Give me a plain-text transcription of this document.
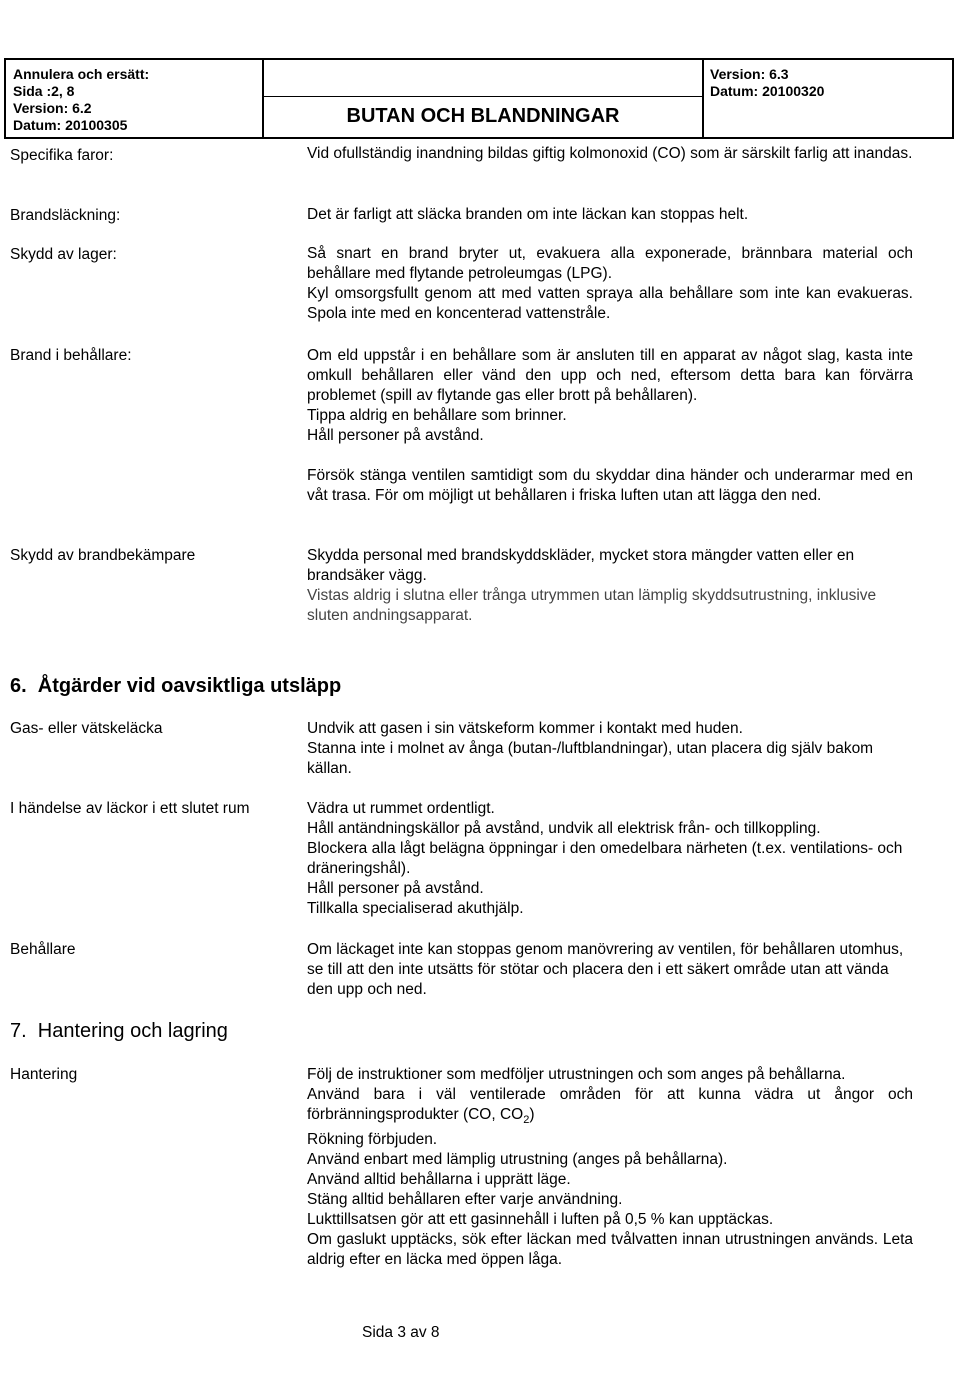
Annulera och ersätt:
Sida :2, 8
Version: 6.2
Datum: 20100305	BUTAN OCH BLANDNINGAR
Version: 6.3
Datum: 20100320
Specifika faror:	Vid ofullständig inandning bildas giftig kolmonoxid (CO) som är särskilt farlig att inandas.
Brandsläckning:	Det är farligt att släcka branden om inte läckan kan stoppas helt.
Skydd av lager:	Så snart en brand bryter ut, evakuera alla exponerade, brännbara material och behållare med flytande petroleumgas (LPG).
Kyl omsorgsfullt genom att med vatten spraya alla behållare som inte kan evakueras. Spola inte med en koncenterad vattenstråle.
Brand i behållare:	Om eld uppstår i en behållare som är ansluten till en apparat av något slag, kasta inte omkull behållaren eller vänd den upp och ned, eftersom detta bara kan förvärra problemet (spill av flytande gas eller brott på behållaren).
Tippa aldrig en behållare som brinner.
Håll personer på avstånd.
Försök stänga ventilen samtidigt som du skyddar dina händer och underarmar med en våt trasa. För om möjligt ut behållaren i friska luften utan att lägga den ned.
Skydd av brandbekämpare	Skydda personal med brandskyddskläder, mycket stora mängder vatten eller en brandsäker vägg.
Vistas aldrig i slutna eller trånga utrymmen utan lämplig skyddsutrustning, inklusive sluten andningsapparat.
6.  Åtgärder vid oavsiktliga utsläpp
Gas- eller vätskeläcka	Undvik att gasen i sin vätskeform kommer i kontakt med huden.
Stanna inte i molnet av ånga (butan-/luftblandningar), utan placera dig själv bakom källan.
I händelse av läckor i ett slutet rum	Vädra ut rummet ordentligt.
Håll antändningskällor på avstånd, undvik all elektrisk från- och tillkoppling.
Blockera alla lågt belägna öppningar i den omedelbara närheten (t.ex. ventilations- och dräneringshål).
Håll personer på avstånd.
Tillkalla specialiserad akuthjälp.
Behållare	Om läckaget inte kan stoppas genom manövrering av ventilen, för behållaren utomhus, se till att den inte utsätts för stötar och placera den i ett säkert område utan att vända den upp och ned.
7.  Hantering och lagring
Hantering	Följ de instruktioner som medföljer utrustningen och som anges på behållarna.
Använd bara i väl ventilerade områden för att kunna vädra ut ångor och förbränningsprodukter (CO, $CO_2$)
Rökning förbjuden.
Använd enbart med lämplig utrustning (anges på behållarna).
Använd alltid behållarna i upprätt läge.
Stäng alltid behållaren efter varje användning.
Lukttillsatsen gör att ett gasinnehåll i luften på 0,5 % kan upptäckas.
Om gaslukt upptäcks, sök efter läckan med tvålvatten innan utrustningen används. Leta aldrig efter en läcka med öppen låga.
Sida 3 av 8
